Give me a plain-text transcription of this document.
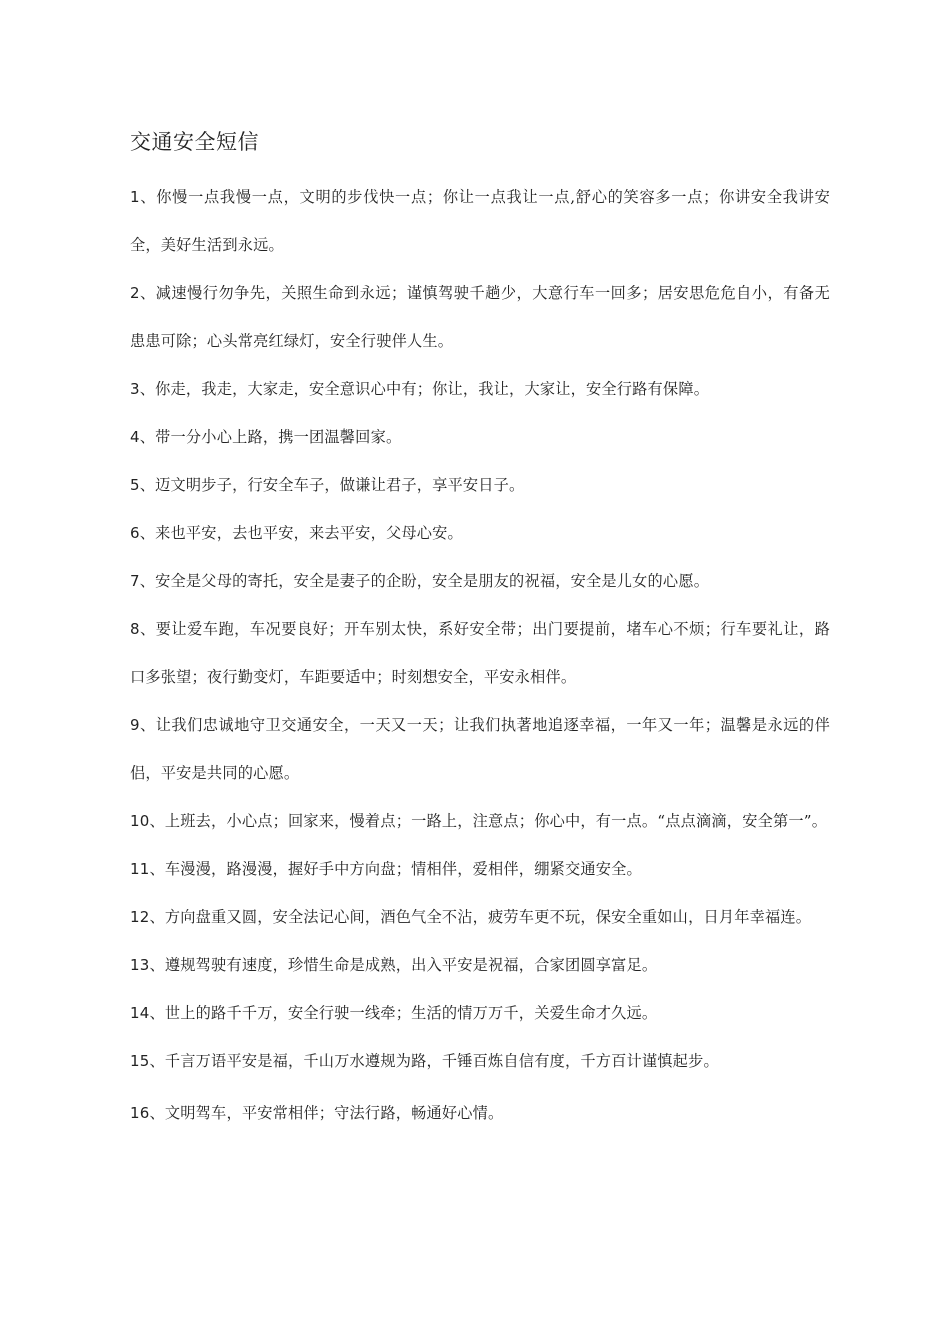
交通安全短信

1、你慢一点我慢一点，文明的步伐快一点；你让一点我让一点,舒心的笑容多一点；你讲安全我讲安全，美好生活到永远。

2、减速慢行勿争先，关照生命到永远；谨慎驾驶千趟少，大意行车一回多；居安思危危自小，有备无患患可除；心头常亮红绿灯，安全行驶伴人生。

3、你走，我走，大家走，安全意识心中有；你让，我让，大家让，安全行路有保障。

4、带一分小心上路，携一团温馨回家。

5、迈文明步子，行安全车子，做谦让君子，享平安日子。

6、来也平安，去也平安，来去平安，父母心安。

7、安全是父母的寄托，安全是妻子的企盼，安全是朋友的祝福，安全是儿女的心愿。

8、要让爱车跑，车况要良好；开车别太快，系好安全带；出门要提前，堵车心不烦；行车要礼让，路口多张望；夜行勤变灯，车距要适中；时刻想安全，平安永相伴。

9、让我们忠诚地守卫交通安全，一天又一天；让我们执著地追逐幸福，一年又一年；温馨是永远的伴侣，平安是共同的心愿。

10、上班去，小心点；回家来，慢着点；一路上，注意点；你心中，有一点。“点点滴滴，安全第一”。

11、车漫漫，路漫漫，握好手中方向盘；情相伴，爱相伴，绷紧交通安全。

12、方向盘重又圆，安全法记心间，酒色气全不沾，疲劳车更不玩，保安全重如山，日月年幸福连。

13、遵规驾驶有速度，珍惜生命是成熟，出入平安是祝福，合家团圆享富足。

14、世上的路千千万，安全行驶一线牵；生活的情万万千，关爱生命才久远。

15、千言万语平安是福，千山万水遵规为路，千锤百炼自信有度，千方百计谨慎起步。

16、文明驾车，平安常相伴；守法行路，畅通好心情。
